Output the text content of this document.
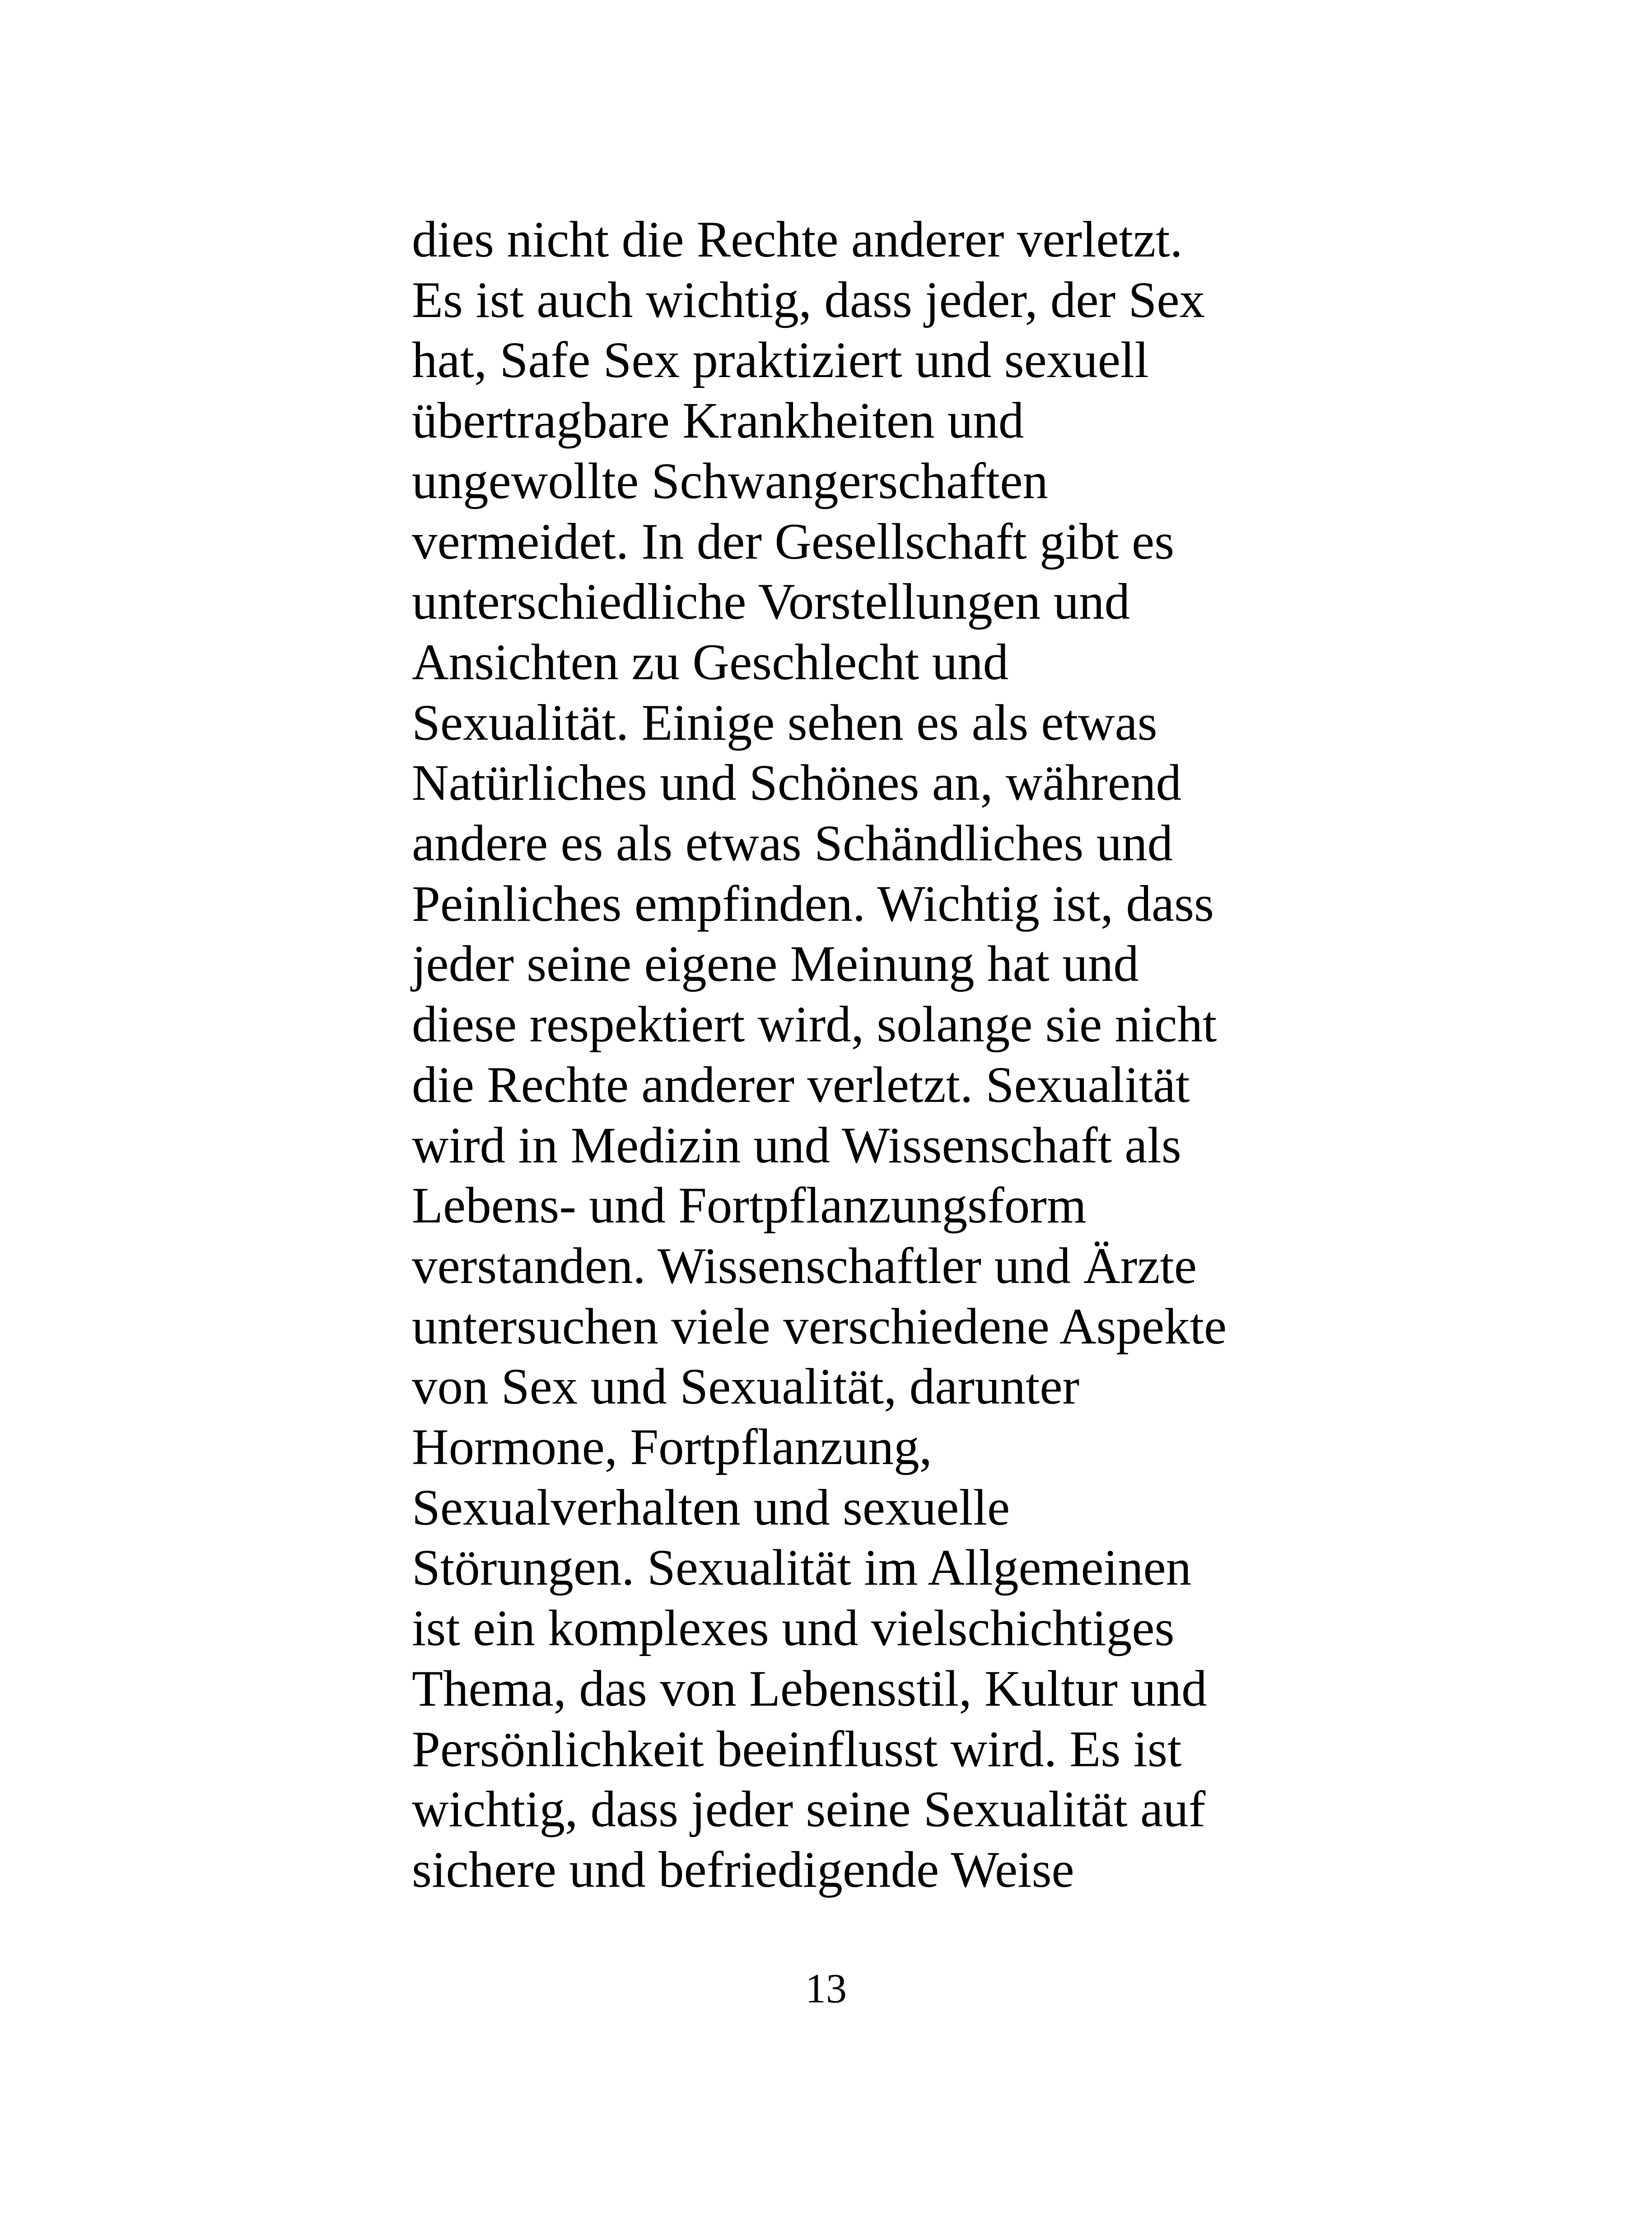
dies nicht die Rechte anderer verletzt.
Es ist auch wichtig, dass jeder, der Sex
hat, Safe Sex praktiziert und sexuell
übertragbare Krankheiten und
ungewollte Schwangerschaften
vermeidet. In der Gesellschaft gibt es
unterschiedliche Vorstellungen und
Ansichten zu Geschlecht und
Sexualität. Einige sehen es als etwas
Natürliches und Schönes an, während
andere es als etwas Schändliches und
Peinliches empfinden. Wichtig ist, dass
jeder seine eigene Meinung hat und
diese respektiert wird, solange sie nicht
die Rechte anderer verletzt. Sexualität
wird in Medizin und Wissenschaft als
Lebens- und Fortpflanzungsform
verstanden. Wissenschaftler und Ärzte
untersuchen viele verschiedene Aspekte
von Sex und Sexualität, darunter
Hormone, Fortpflanzung,
Sexualverhalten und sexuelle
Störungen. Sexualität im Allgemeinen
ist ein komplexes und vielschichtiges
Thema, das von Lebensstil, Kultur und
Persönlichkeit beeinflusst wird. Es ist
wichtig, dass jeder seine Sexualität auf
sichere und befriedigende Weise
13
